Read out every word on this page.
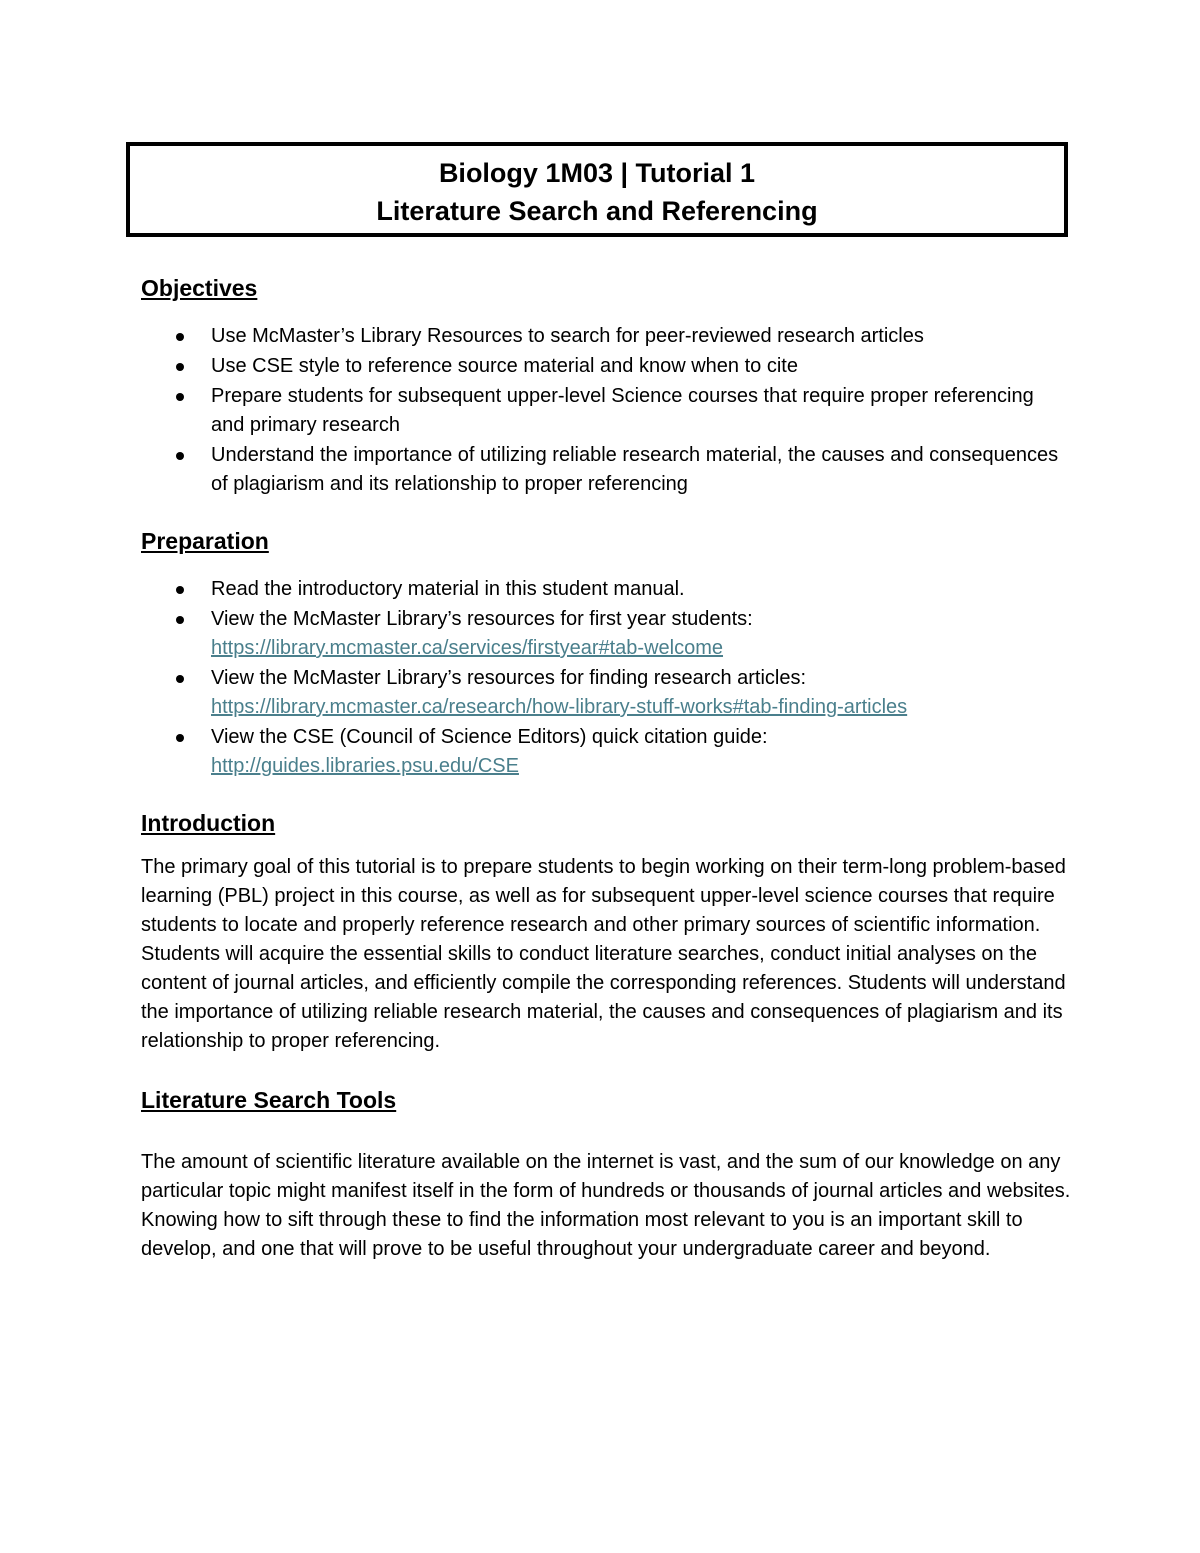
Biology 1M03 | Tutorial 1
Literature Search and Referencing
Objectives
Use McMaster’s Library Resources to search for peer-reviewed research articles
Use CSE style to reference source material and know when to cite
Prepare students for subsequent upper-level Science courses that require proper referencing and primary research
Understand the importance of utilizing reliable research material, the causes and consequences of plagiarism and its relationship to proper referencing
Preparation
Read the introductory material in this student manual.
View the McMaster Library’s resources for first year students:
https://library.mcmaster.ca/services/firstyear#tab-welcome
View the McMaster Library’s resources for finding research articles:
https://library.mcmaster.ca/research/how-library-stuff-works#tab-finding-articles
View the CSE (Council of Science Editors) quick citation guide:
http://guides.libraries.psu.edu/CSE
Introduction

The primary goal of this tutorial is to prepare students to begin working on their term-long problem-based learning (PBL) project in this course, as well as for subsequent upper-level science courses that require students to locate and properly reference research and other primary sources of scientific information. Students will acquire the essential skills to conduct literature searches, conduct initial analyses on the content of journal articles, and efficiently compile the corresponding references. Students will understand the importance of utilizing reliable research material, the causes and consequences of plagiarism and its relationship to proper referencing.

Literature Search Tools

The amount of scientific literature available on the internet is vast, and the sum of our knowledge on any particular topic might manifest itself in the form of hundreds or thousands of journal articles and websites. Knowing how to sift through these to find the information most relevant to you is an important skill to develop, and one that will prove to be useful throughout your undergraduate career and beyond.
